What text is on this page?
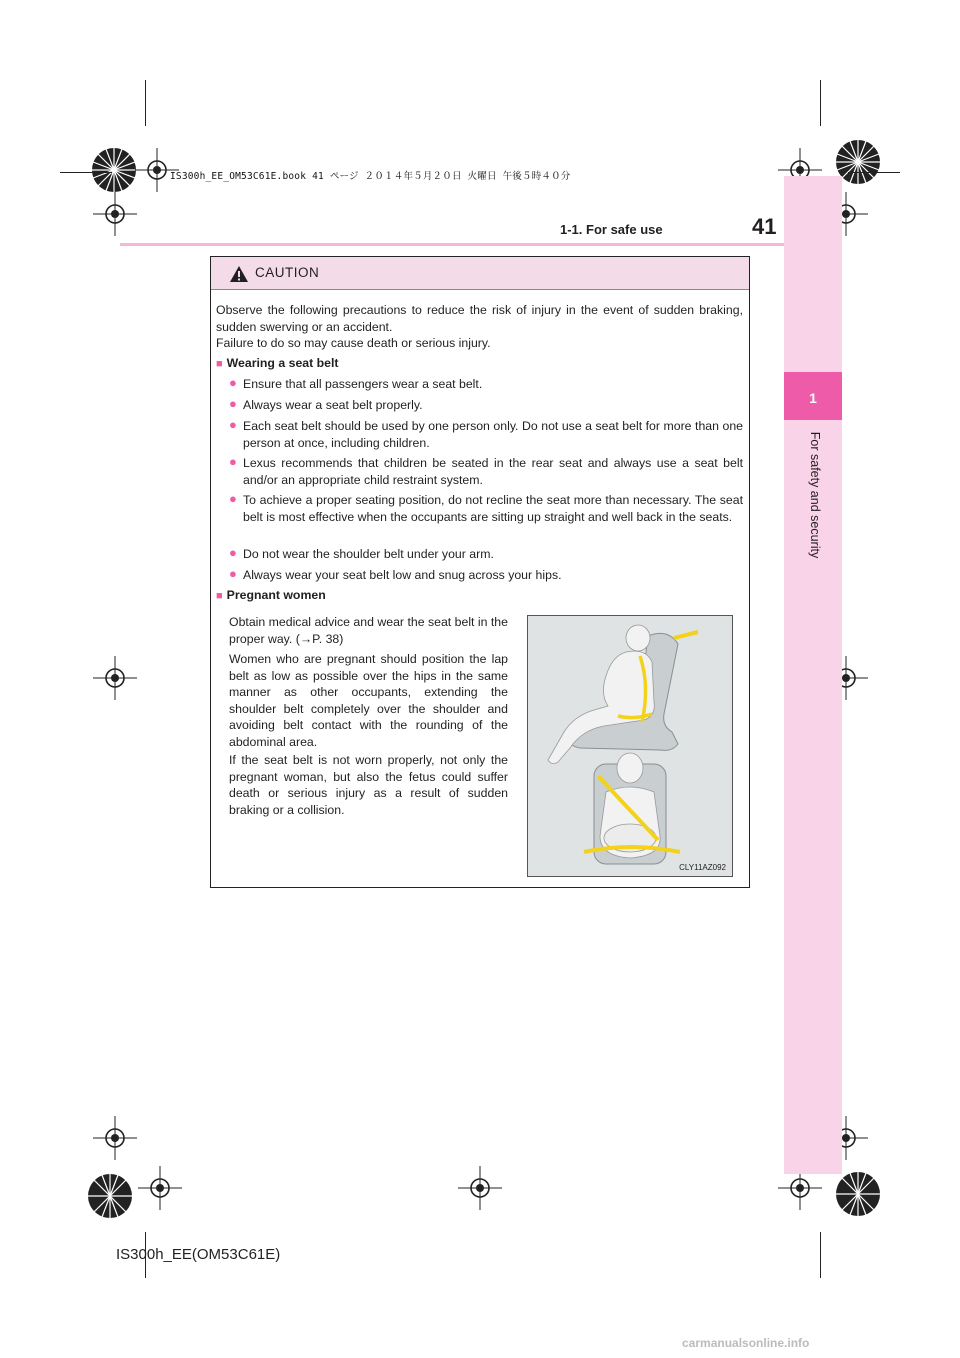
IS300h_EE_OM53C61E.book 41 ページ ２０１４年５月２０日 火曜日 午後５時４０分
1-1. For safe use	41
1
For safety and security
CAUTION
Observe the following precautions to reduce the risk of injury in the event of sudden braking, sudden swerving or an accident.
Failure to do so may cause death or serious injury.
■ Wearing a seat belt
● Ensure that all passengers wear a seat belt.
● Always wear a seat belt properly.
● Each seat belt should be used by one person only. Do not use a seat belt for more than one person at once, including children.
● Lexus recommends that children be seated in the rear seat and always use a seat belt and/or an appropriate child restraint system.
● To achieve a proper seating position, do not recline the seat more than necessary. The seat belt is most effective when the occupants are sitting up straight and well back in the seats.
● Do not wear the shoulder belt under your arm.
● Always wear your seat belt low and snug across your hips.
■ Pregnant women
Obtain medical advice and wear the seat belt in the proper way. (→P. 38)
Women who are pregnant should position the lap belt as low as possible over the hips in the same manner as other occupants, extending the shoulder belt completely over the shoulder and avoiding belt contact with the rounding of the abdominal area.
If the seat belt is not worn properly, not only the pregnant woman, but also the fetus could suffer death or serious injury as a result of sudden braking or a collision.
CLY11AZ092
IS300h_EE(OM53C61E)
carmanualsonline.info
